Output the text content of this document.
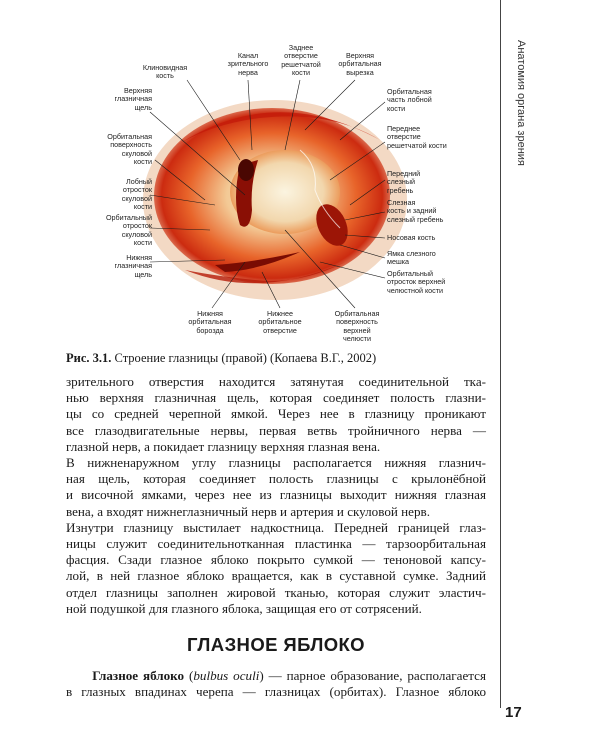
Клиновидная
кость
Канал
зрительного
нерва
Заднее
отверстие
решетчатой
кости
Верхняя
орбитальная
вырезка
Верхняя
глазничная
щель
Орбитальная
часть лобной
кости
Орбитальная
поверхность
скуловой
кости
Переднее
отверстие
решетчатой кости
Лобный
отросток
скуловой
кости
Передний
слезный
гребень
Орбитальный
отросток
скуловой
кости
Слезная
кость и задний
слезный гребень
Носовая кость
Нижняя
глазничная
щель
Ямка слезного
мешка
Орбитальный
отросток верхней
челюстной кости
Нижняя
орбитальная
борозда
Нижнее
орбитальное
отверстие
Орбитальная
поверхность
верхней
челюсти
Рис. 3.1. Строение глазницы (правой) (Копаева В.Г., 2002)
зрительного отверстия находится затянутая соединительной тка-
нью верхняя глазничная щель, которая соединяет полость глазни-
цы со средней черепной ямкой. Через нее в глазницу проникают
все глазодвигательные нервы, первая ветвь тройничного нерва —
глазной нерв, а покидает глазницу верхняя глазная вена.
В нижненаружном углу глазницы располагается нижняя глазнич-
ная щель, которая соединяет полость глазницы с крылонёбной
и височной ямками, через нее из глазницы выходит нижняя глазная
вена, а входят нижнеглазничный нерв и артерия и скуловой нерв.
Изнутри глазницу выстилает надкостница. Передней границей глаз-
ницы служит соединительнотканная пластинка — тарзоорбитальная
фасция. Сзади глазное яблоко покрыто сумкой — теноновой капсу-
лой, в ней глазное яблоко вращается, как в суставной сумке. Задний
отдел глазницы заполнен жировой тканью, которая служит эластич-
ной подушкой для глазного яблока, защищая его от сотрясений.
ГЛАЗНОЕ ЯБЛОКО
  Глазное яблоко (bulbus oculi) — парное образование, располагается
в глазных впадинах черепа — глазницах (орбитах). Глазное яблоко
Анатомия органа зрения
17
